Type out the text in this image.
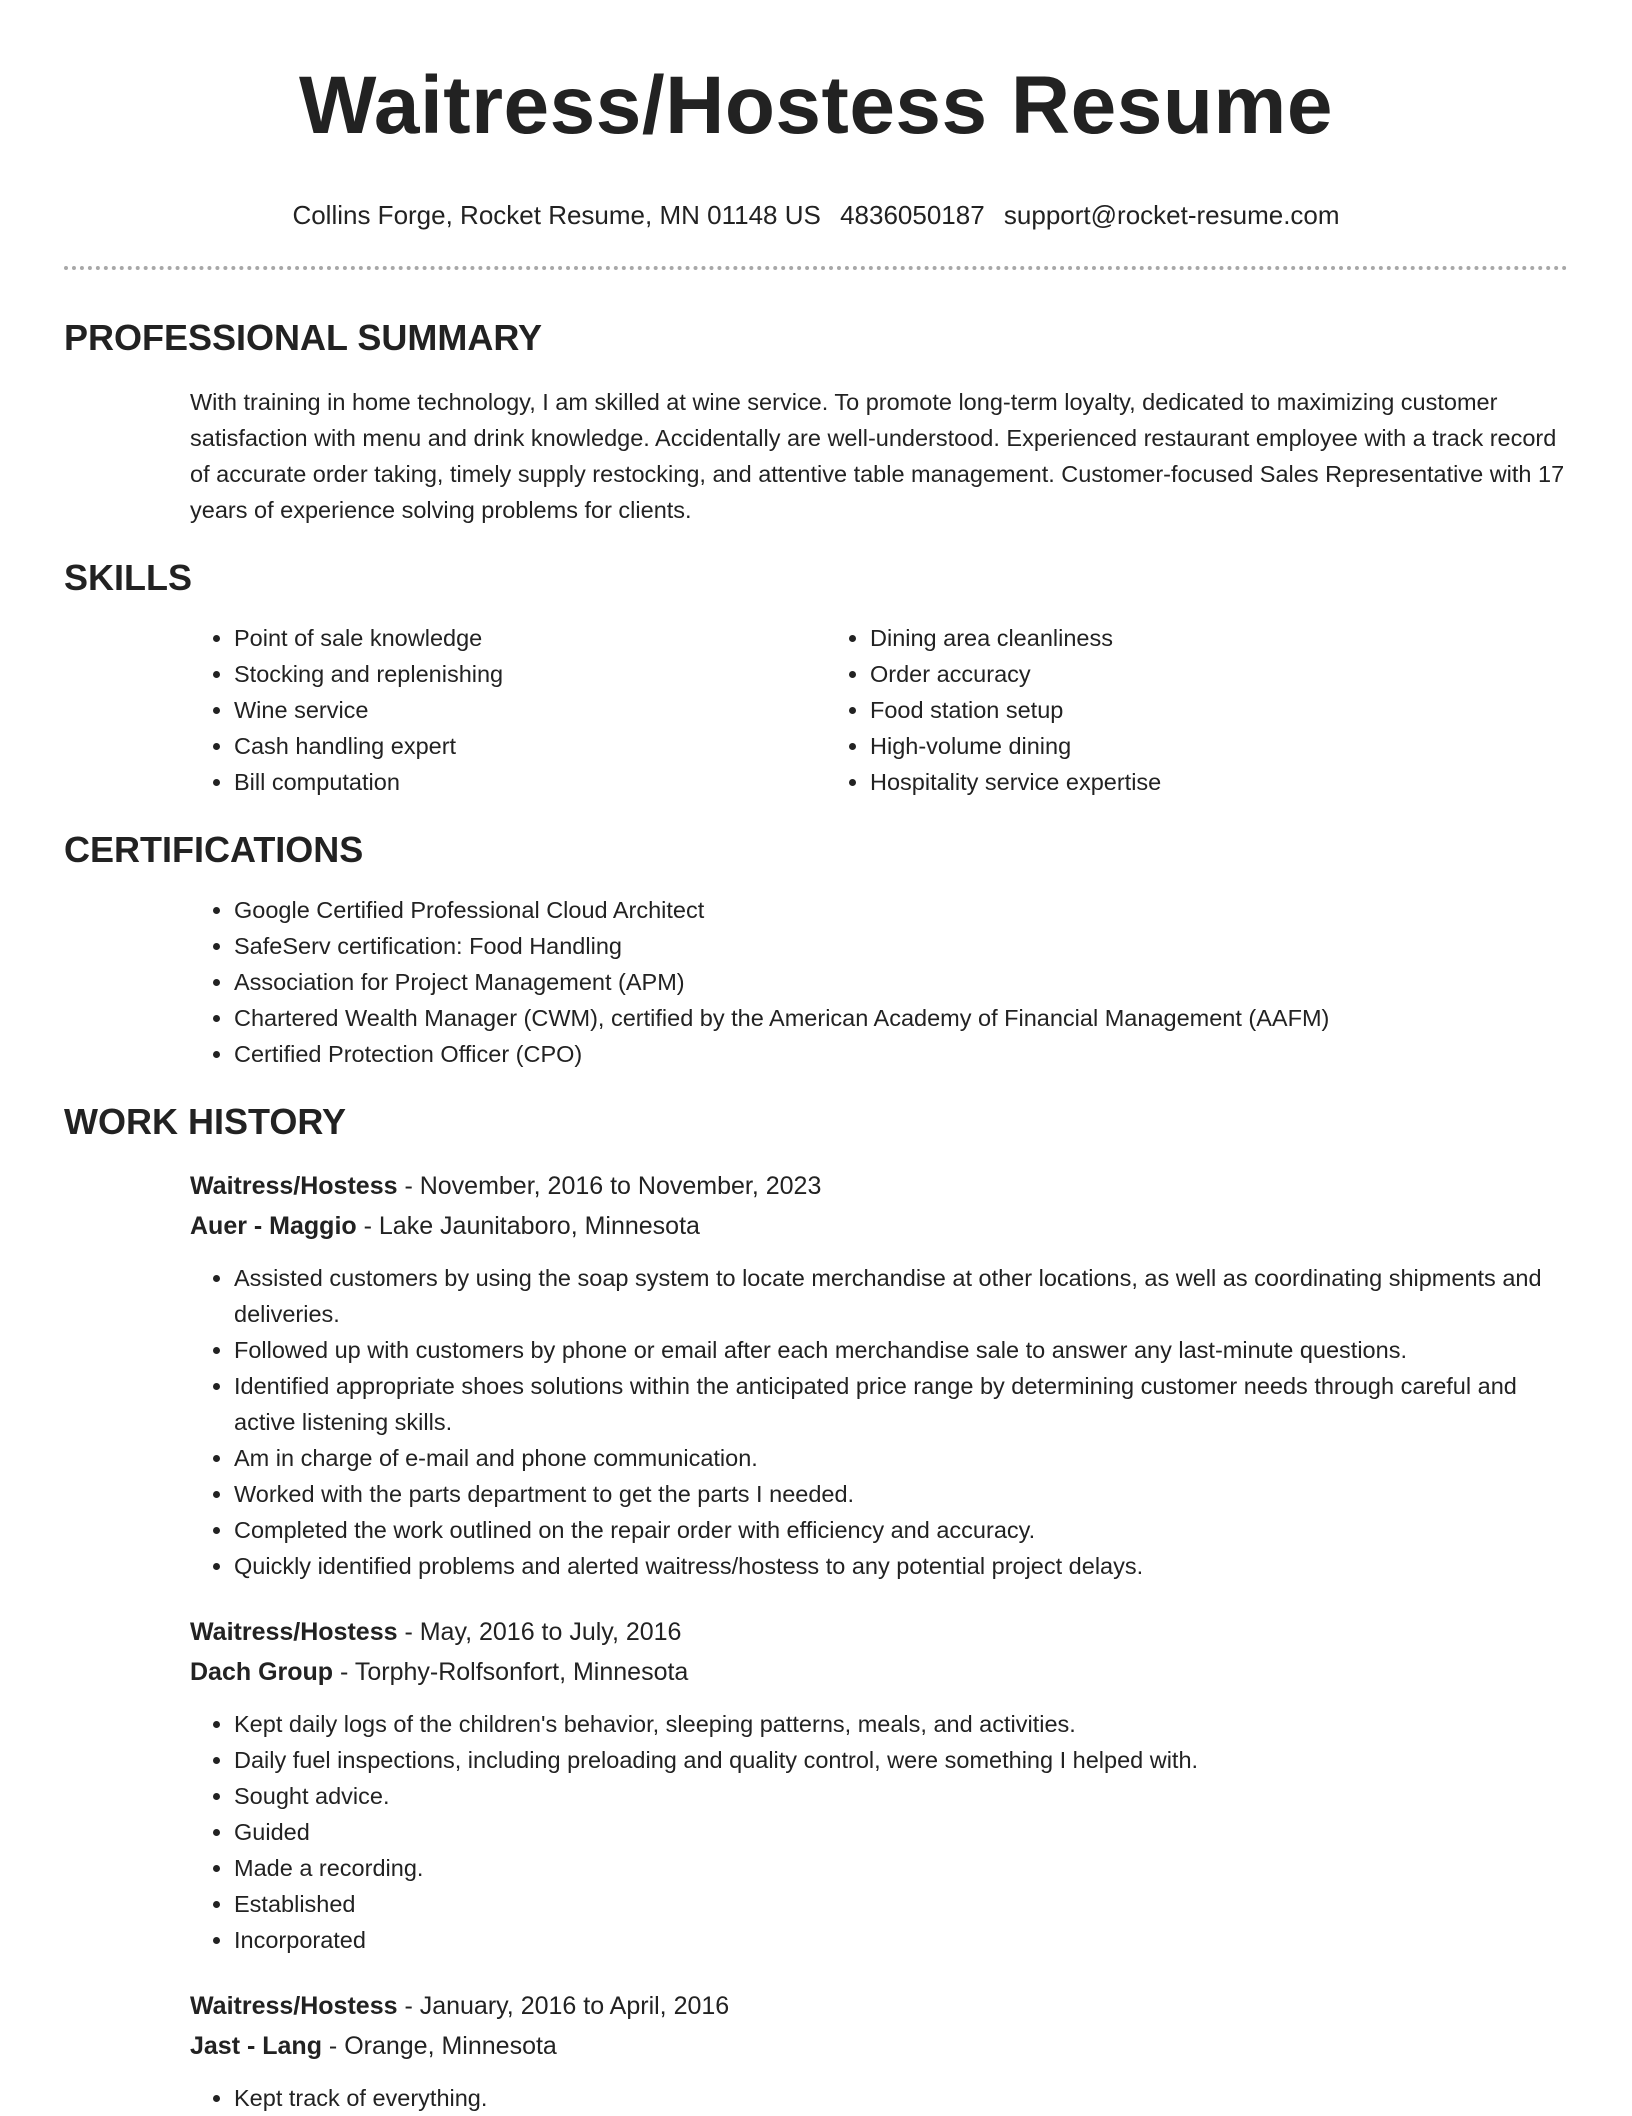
Waitress/Hostess Resume
Collins Forge, Rocket Resume, MN 01148 US 4836050187 support@rocket-resume.com
PROFESSIONAL SUMMARY

With training in home technology, I am skilled at wine service. To promote long-term loyalty, dedicated to maximizing customer satisfaction with menu and drink knowledge. Accidentally are well-understood. Experienced restaurant employee with a track record of accurate order taking, timely supply restocking, and attentive table management. Customer-focused Sales Representative with 17 years of experience solving problems for clients.

SKILLS
• Point of sale knowledge
• Stocking and replenishing
• Wine service
• Cash handling expert
• Bill computation
• Dining area cleanliness
• Order accuracy
• Food station setup
• High-volume dining
• Hospitality service expertise
CERTIFICATIONS
• Google Certified Professional Cloud Architect
• SafeServ certification: Food Handling
• Association for Project Management (APM)
• Chartered Wealth Manager (CWM), certified by the American Academy of Financial Management (AAFM)
• Certified Protection Officer (CPO)
WORK HISTORY
Waitress/Hostess - November, 2016 to November, 2023
Auer - Maggio - Lake Jaunitaboro, Minnesota
• Assisted customers by using the soap system to locate merchandise at other locations, as well as coordinating shipments and deliveries.
• Followed up with customers by phone or email after each merchandise sale to answer any last-minute questions.
• Identified appropriate shoes solutions within the anticipated price range by determining customer needs through careful and active listening skills.
• Am in charge of e-mail and phone communication.
• Worked with the parts department to get the parts I needed.
• Completed the work outlined on the repair order with efficiency and accuracy.
• Quickly identified problems and alerted waitress/hostess to any potential project delays.
Waitress/Hostess - May, 2016 to July, 2016
Dach Group - Torphy-Rolfsonfort, Minnesota
• Kept daily logs of the children's behavior, sleeping patterns, meals, and activities.
• Daily fuel inspections, including preloading and quality control, were something I helped with.
• Sought advice.
• Guided
• Made a recording.
• Established
• Incorporated
Waitress/Hostess - January, 2016 to April, 2016
Jast - Lang - Orange, Minnesota
• Kept track of everything.
